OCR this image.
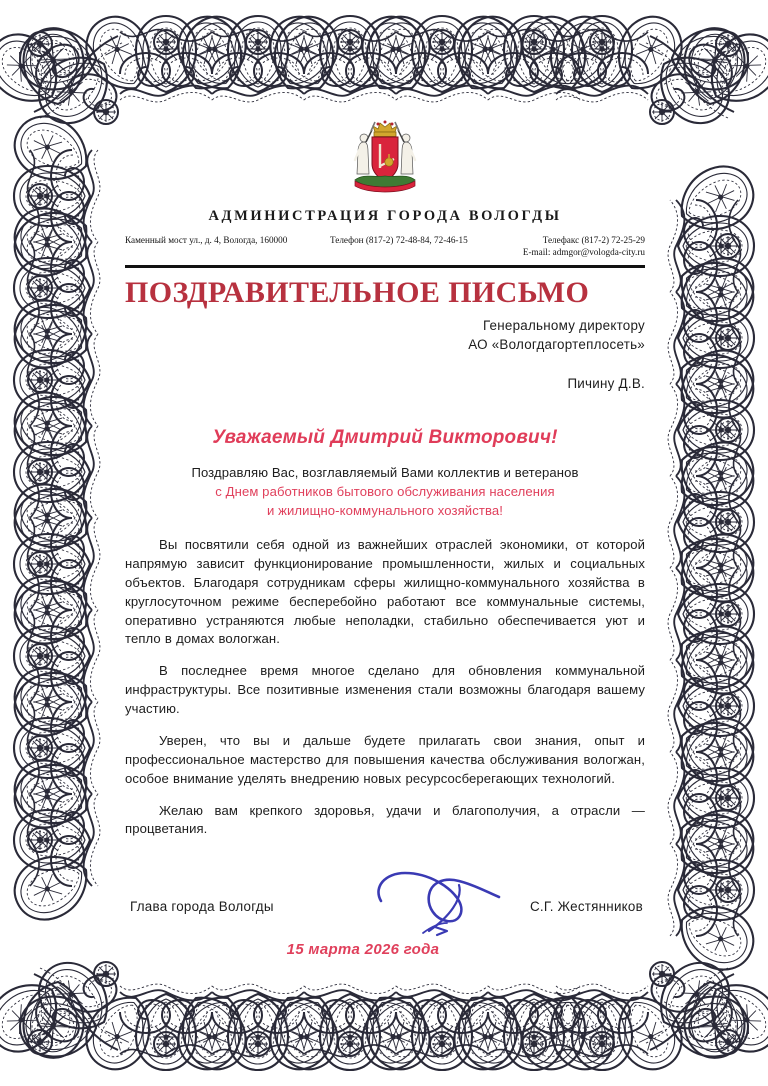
АДМИНИСТРАЦИЯ ГОРОДА ВОЛОГДЫ
Каменный мост ул., д. 4, Вологда, 160000	Телефон (817-2) 72-48-84, 72-46-15	Телефакс (817-2) 72-25-29
E-mail: admgor@vologda-city.ru
ПОЗДРАВИТЕЛЬНОЕ ПИСЬМО
Генеральному директору
АО «Вологдагортеплосеть»
Пичину Д.В.
Уважаемый Дмитрий Викторович!
Поздравляю Вас, возглавляемый Вами коллектив и ветеранов
с Днем работников бытового обслуживания населения
и жилищно-коммунального хозяйства!

Вы посвятили себя одной из важнейших отраслей экономики, от которой напрямую зависит функционирование промышленности, жилых и социальных объектов. Благодаря сотрудникам сферы жилищно-коммунального хозяйства в круглосуточном режиме бесперебойно работают все коммунальные системы, оперативно устраняются любые неполадки, стабильно обеспечивается уют и тепло в домах вологжан.

В последнее время многое сделано для обновления коммунальной инфраструктуры. Все позитивные изменения стали возможны благодаря вашему участию.

Уверен, что вы и дальше будете прилагать свои знания, опыт и профессиональное мастерство для повышения качества обслуживания вологжан, особое внимание уделять внедрению новых ресурсосберегающих технологий.

Желаю вам крепкого здоровья, удачи и благополучия, а отрасли — процветания.

Глава города Вологды	С.Г. Жестянников
15 марта 2026 года
